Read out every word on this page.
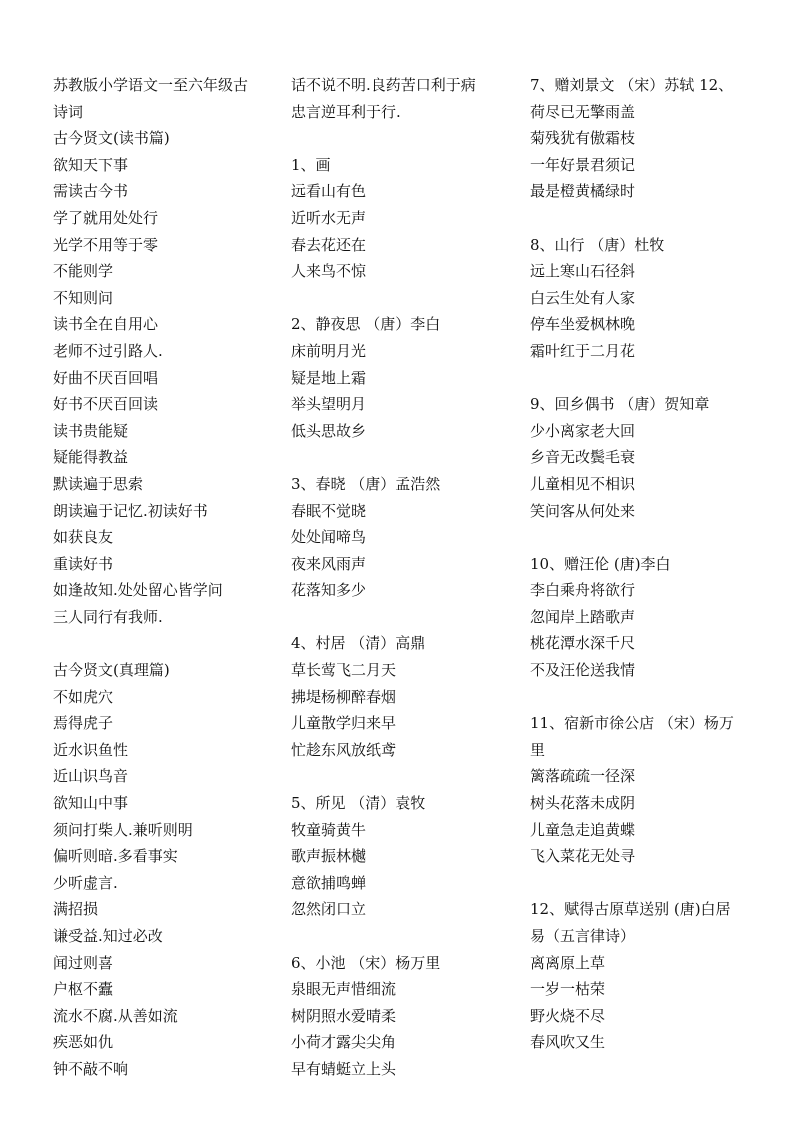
苏教版小学语文一至六年级古
诗词
古今贤文(读书篇)
欲知天下事
需读古今书
学了就用处处行
光学不用等于零
不能则学
不知则问
读书全在自用心
老师不过引路人.
好曲不厌百回唱
好书不厌百回读
读书贵能疑
疑能得教益
默读遍于思索
朗读遍于记忆.初读好书
如获良友
重读好书
如逢故知.处处留心皆学问
三人同行有我师.
古今贤文(真理篇)
不如虎穴
焉得虎子
近水识鱼性
近山识鸟音
欲知山中事
须问打柴人.兼听则明
偏听则暗.多看事实
少听虚言.
满招损
谦受益.知过必改
闻过则喜
户枢不蠹
流水不腐.从善如流
疾恶如仇
钟不敲不响
话不说不明.良药苦口利于病
忠言逆耳利于行.
1、画
远看山有色
近听水无声
春去花还在
人来鸟不惊
2、静夜思 （唐）李白
床前明月光
疑是地上霜
举头望明月
低头思故乡
3、春晓 （唐）孟浩然
春眠不觉晓
处处闻啼鸟
夜来风雨声
花落知多少
4、村居 （清）高鼎
草长莺飞二月天
拂堤杨柳醉春烟
儿童散学归来早
忙趁东风放纸鸢
5、所见 （清）袁牧
牧童骑黄牛
歌声振林樾
意欲捕鸣蝉
忽然闭口立
6、小池 （宋）杨万里
泉眼无声惜细流
树阴照水爱晴柔
小荷才露尖尖角
早有蜻蜓立上头
7、赠刘景文 （宋）苏轼 12、
荷尽已无擎雨盖
菊残犹有傲霜枝
一年好景君须记
最是橙黄橘绿时
8、山行 （唐）杜牧
远上寒山石径斜
白云生处有人家
停车坐爱枫林晚
霜叶红于二月花
9、回乡偶书 （唐）贺知章
少小离家老大回
乡音无改鬓毛衰
儿童相见不相识
笑问客从何处来
10、赠汪伦 (唐)李白
李白乘舟将欲行
忽闻岸上踏歌声
桃花潭水深千尺
不及汪伦送我情
11、宿新市徐公店 （宋）杨万
里
篱落疏疏一径深
树头花落未成阴
儿童急走追黄蝶
飞入菜花无处寻
12、赋得古原草送别 (唐)白居
易（五言律诗）
离离原上草
一岁一枯荣
野火烧不尽
春风吹又生
